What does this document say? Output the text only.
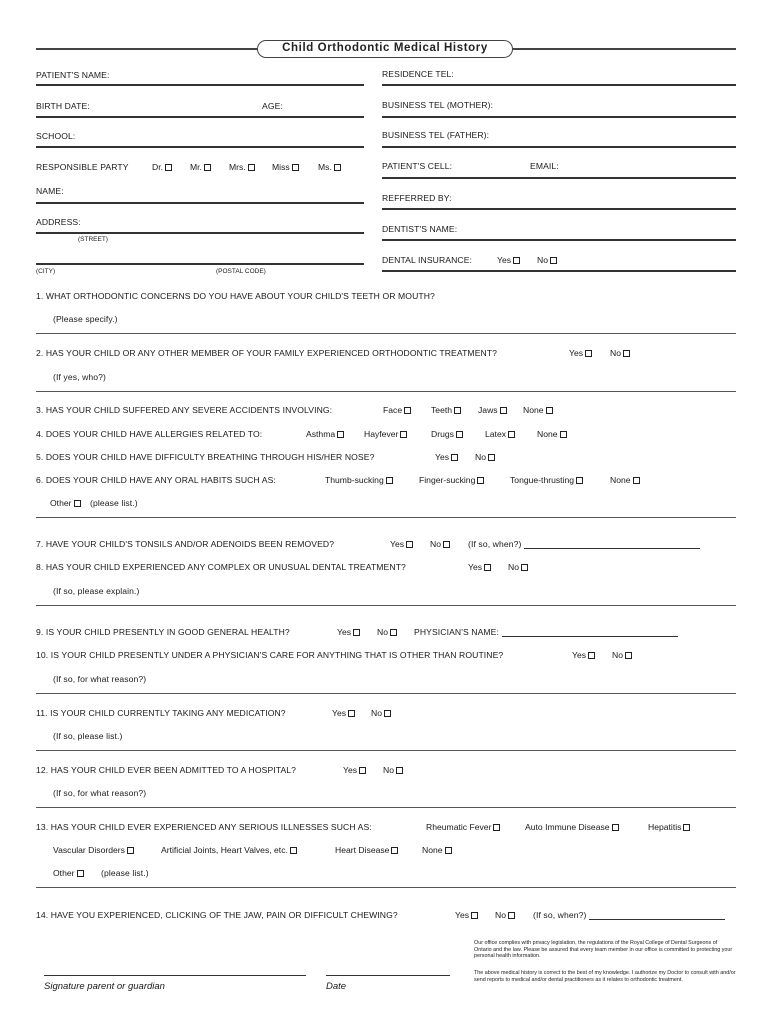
Child Orthodontic Medical History
PATIENT'S NAME:
BIRTH DATE:	AGE:
SCHOOL:
RESPONSIBLE PARTY	Dr.	Mr.	Mrs.	Miss	Ms.
NAME:
ADDRESS:
(STREET)
(CITY)	(POSTAL CODE)
RESIDENCE TEL:
BUSINESS TEL (MOTHER):
BUSINESS TEL (FATHER):
PATIENT'S CELL:	EMAIL:
REFFERRED BY:
DENTIST'S NAME:
DENTAL INSURANCE:	Yes	No
1. WHAT ORTHODONTIC CONCERNS DO YOU HAVE ABOUT YOUR CHILD'S TEETH OR MOUTH?
(Please specify.)
2. HAS YOUR CHILD OR ANY OTHER MEMBER OF YOUR FAMILY EXPERIENCED ORTHODONTIC TREATMENT?	Yes	No
(If yes, who?)
3. HAS YOUR CHILD SUFFERED ANY SEVERE ACCIDENTS INVOLVING:	Face	Teeth	Jaws	None
4. DOES YOUR CHILD HAVE ALLERGIES RELATED TO:	Asthma	Hayfever	Drugs	Latex	None
5. DOES YOUR CHILD HAVE DIFFICULTY BREATHING THROUGH HIS/HER NOSE?	Yes	No
6. DOES YOUR CHILD HAVE ANY ORAL HABITS SUCH AS:	Thumb-sucking	Finger-sucking	Tongue-thrusting	None
Other	(please list.)
7. HAVE YOUR CHILD'S TONSILS AND/OR ADENOIDS BEEN REMOVED?	Yes	No	(If so, when?)
8. HAS YOUR CHILD EXPERIENCED ANY COMPLEX OR UNUSUAL DENTAL TREATMENT?	Yes	No
(If so, please explain.)
9. IS YOUR CHILD PRESENTLY IN GOOD GENERAL HEALTH?	Yes	No	PHYSICIAN'S NAME:
10. IS YOUR CHILD PRESENTLY UNDER A PHYSICIAN'S CARE FOR ANYTHING THAT IS OTHER THAN ROUTINE?	Yes	No
(If so, for what reason?)
11. IS YOUR CHILD CURRENTLY TAKING ANY MEDICATION?	Yes	No
(If so, please list.)
12. HAS YOUR CHILD EVER BEEN ADMITTED TO A HOSPITAL?	Yes	No
(If so, for what reason?)
13. HAS YOUR CHILD EVER EXPERIENCED ANY SERIOUS ILLNESSES SUCH AS:	Rheumatic Fever	Auto Immune Disease	Hepatitis
Vascular Disorders	Artificial Joints, Heart Valves, etc.	Heart Disease	None
Other	(please list.)
14. HAVE YOU EXPERIENCED, CLICKING OF THE JAW, PAIN OR DIFFICULT CHEWING?	Yes	No	(If so, when?)
Our office complies with privacy legislation, the regulations of the Royal College of Dental Surgeons of Ontario and the law. Please be assured that every team member in our office is committed to protecting your personal health information.
The above medical history is correct to the best of my knowledge. I authorize my Doctor to consult with and/or send reports to medical and/or dental practitioners as it relates to orthodontic treatment.
Signature parent or guardian	Date
